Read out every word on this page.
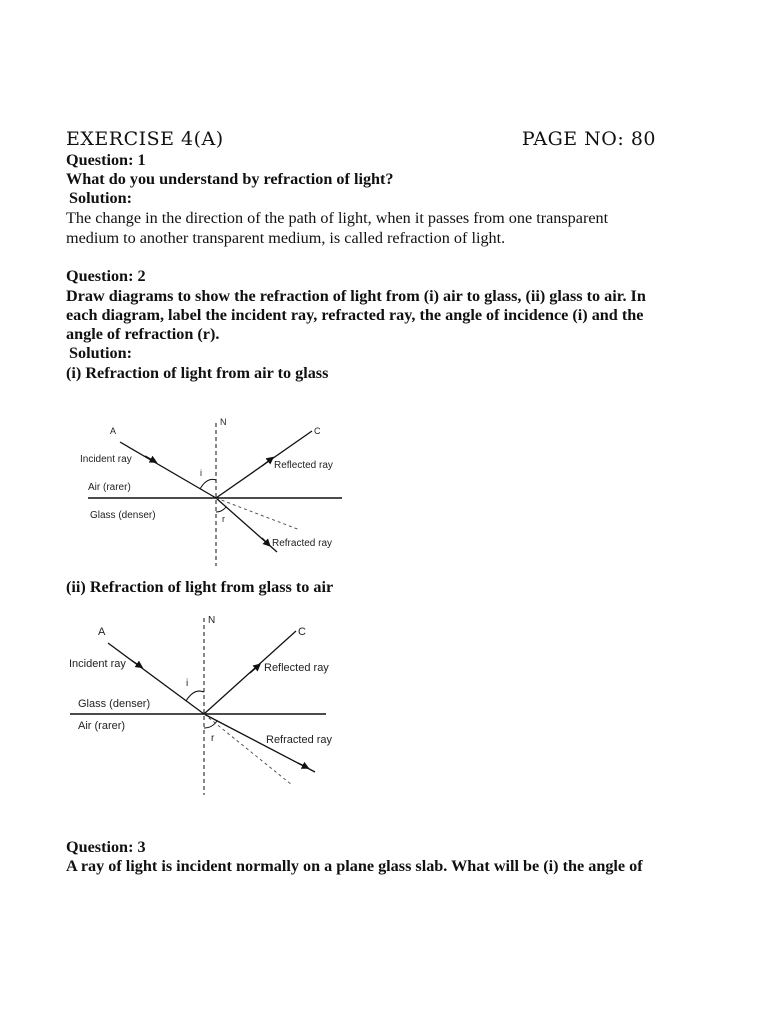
EXERCISE 4(A)	PAGE NO: 80
Question: 1
What do you understand by refraction of light?
Solution:
The change in the direction of the path of light, when it passes from one transparent
medium to another transparent medium, is called refraction of light.
Question: 2
Draw diagrams to show the refraction of light from (i) air to glass, (ii) glass to air. In
each diagram, label the incident ray, refracted ray, the angle of incidence (i) and the
angle of refraction (r).
Solution:
(i) Refraction of light from air to glass
N
A	C
Incident ray
Reflected ray
Air (rarer)
Glass (denser)
i
r
Refracted ray
(ii) Refraction of light from glass to air
N
A	C
Incident ray	Reflected ray
Glass (denser)
Air (rarer)
i
r	Refracted ray
Question: 3
A ray of light is incident normally on a plane glass slab. What will be (i) the angle of
